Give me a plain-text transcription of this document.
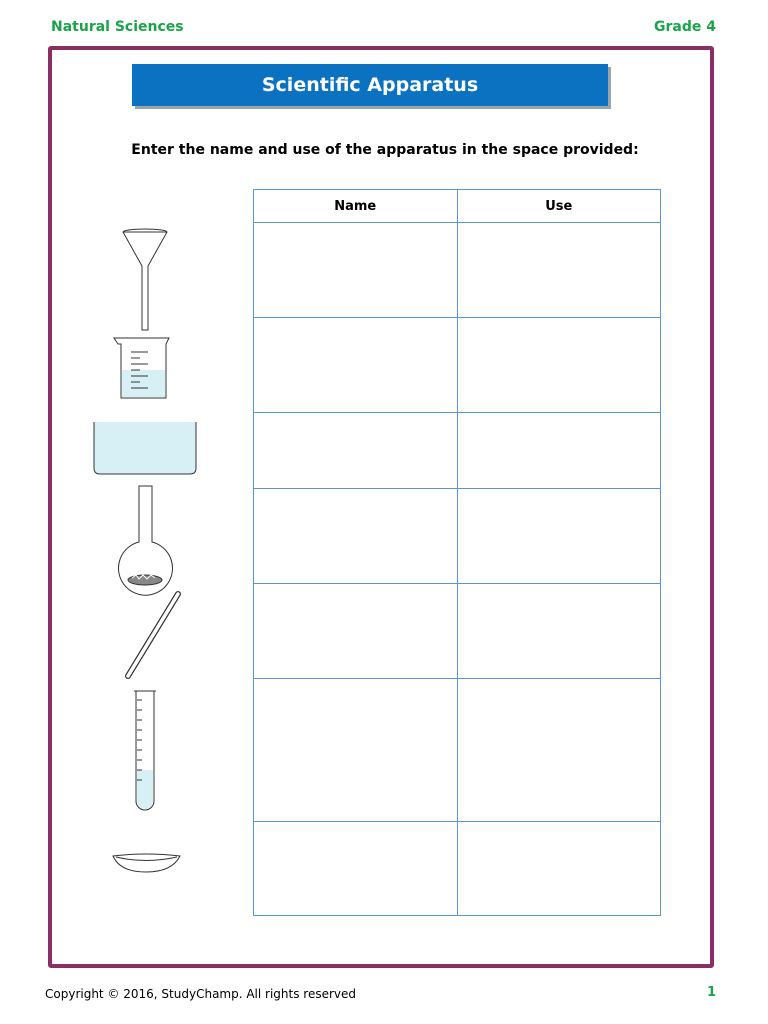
Natural Sciences	Grade 4
Scientific Apparatus
Enter the name and use of the apparatus in the space provided:
Name	Use

Copyright © 2016, StudyChamp. All rights reserved	1
